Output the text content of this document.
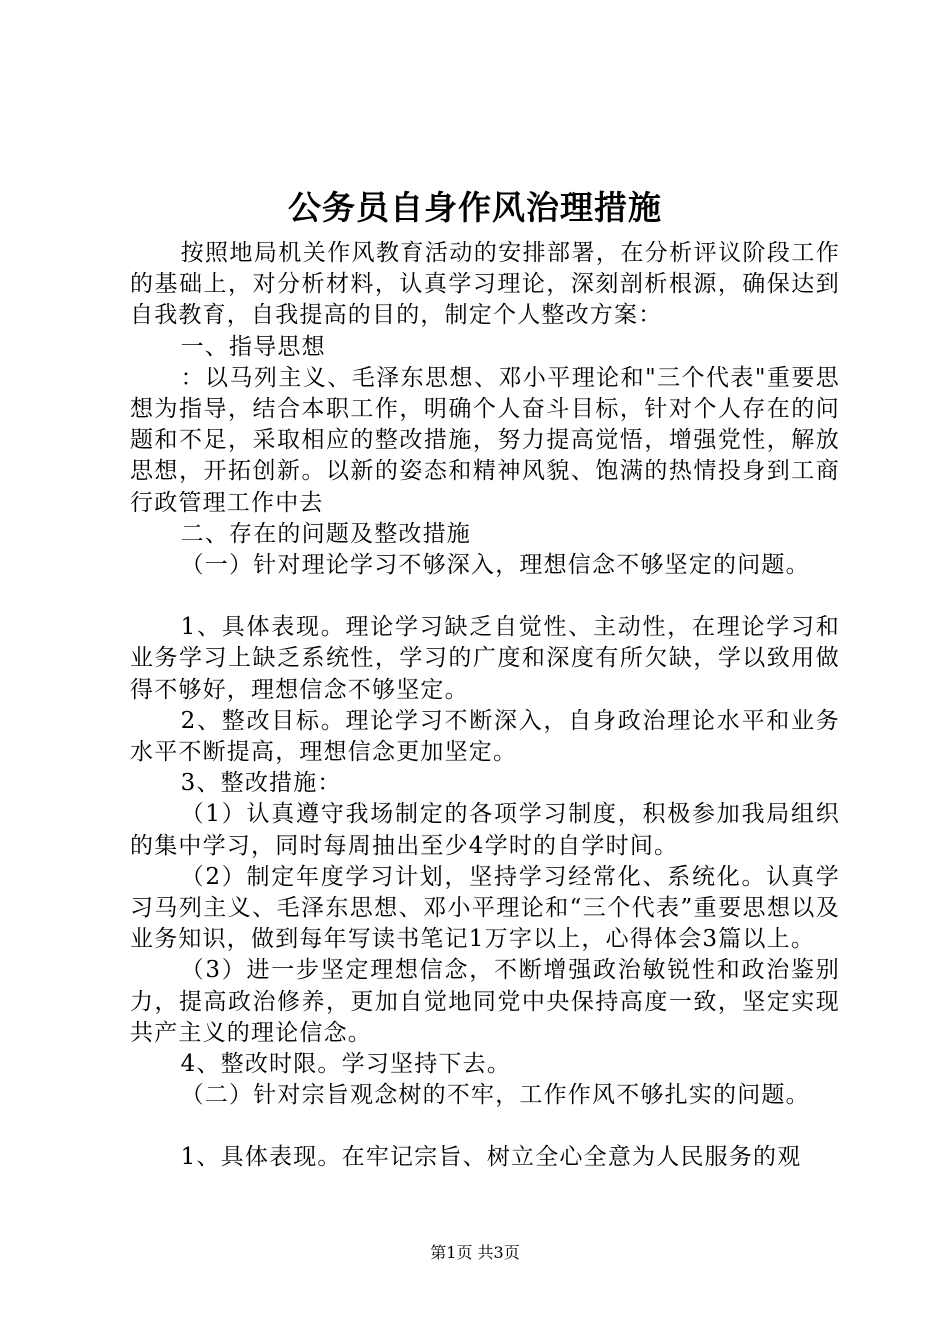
公务员自身作风治理措施

按照地局机关作风教育活动的安排部署，在分析评议阶段工作的基础上，对分析材料，认真学习理论，深刻剖析根源，确保达到自我教育，自我提高的目的，制定个人整改方案：

一、指导思想

：以马列主义、毛泽东思想、邓小平理论和"三个代表"重要思想为指导，结合本职工作，明确个人奋斗目标，针对个人存在的问题和不足，采取相应的整改措施，努力提高觉悟，增强党性，解放思想，开拓创新。以新的姿态和精神风貌、饱满的热情投身到工商行政管理工作中去

二、存在的问题及整改措施

（一）针对理论学习不够深入，理想信念不够坚定的问题。

1、具体表现。理论学习缺乏自觉性、主动性，在理论学习和业务学习上缺乏系统性，学习的广度和深度有所欠缺，学以致用做得不够好，理想信念不够坚定。

2、整改目标。理论学习不断深入，自身政治理论水平和业务水平不断提高，理想信念更加坚定。

3、整改措施：

（1）认真遵守我场制定的各项学习制度，积极参加我局组织的集中学习，同时每周抽出至少4学时的自学时间。

（2）制定年度学习计划，坚持学习经常化、系统化。认真学习马列主义、毛泽东思想、邓小平理论和“三个代表”重要思想以及业务知识，做到每年写读书笔记1万字以上，心得体会3篇以上。

（3）进一步坚定理想信念，不断增强政治敏锐性和政治鉴别力，提高政治修养，更加自觉地同党中央保持高度一致，坚定实现共产主义的理论信念。

4、整改时限。学习坚持下去。

（二）针对宗旨观念树的不牢，工作作风不够扎实的问题。

1、具体表现。在牢记宗旨、树立全心全意为人民服务的观

第1页 共3页
